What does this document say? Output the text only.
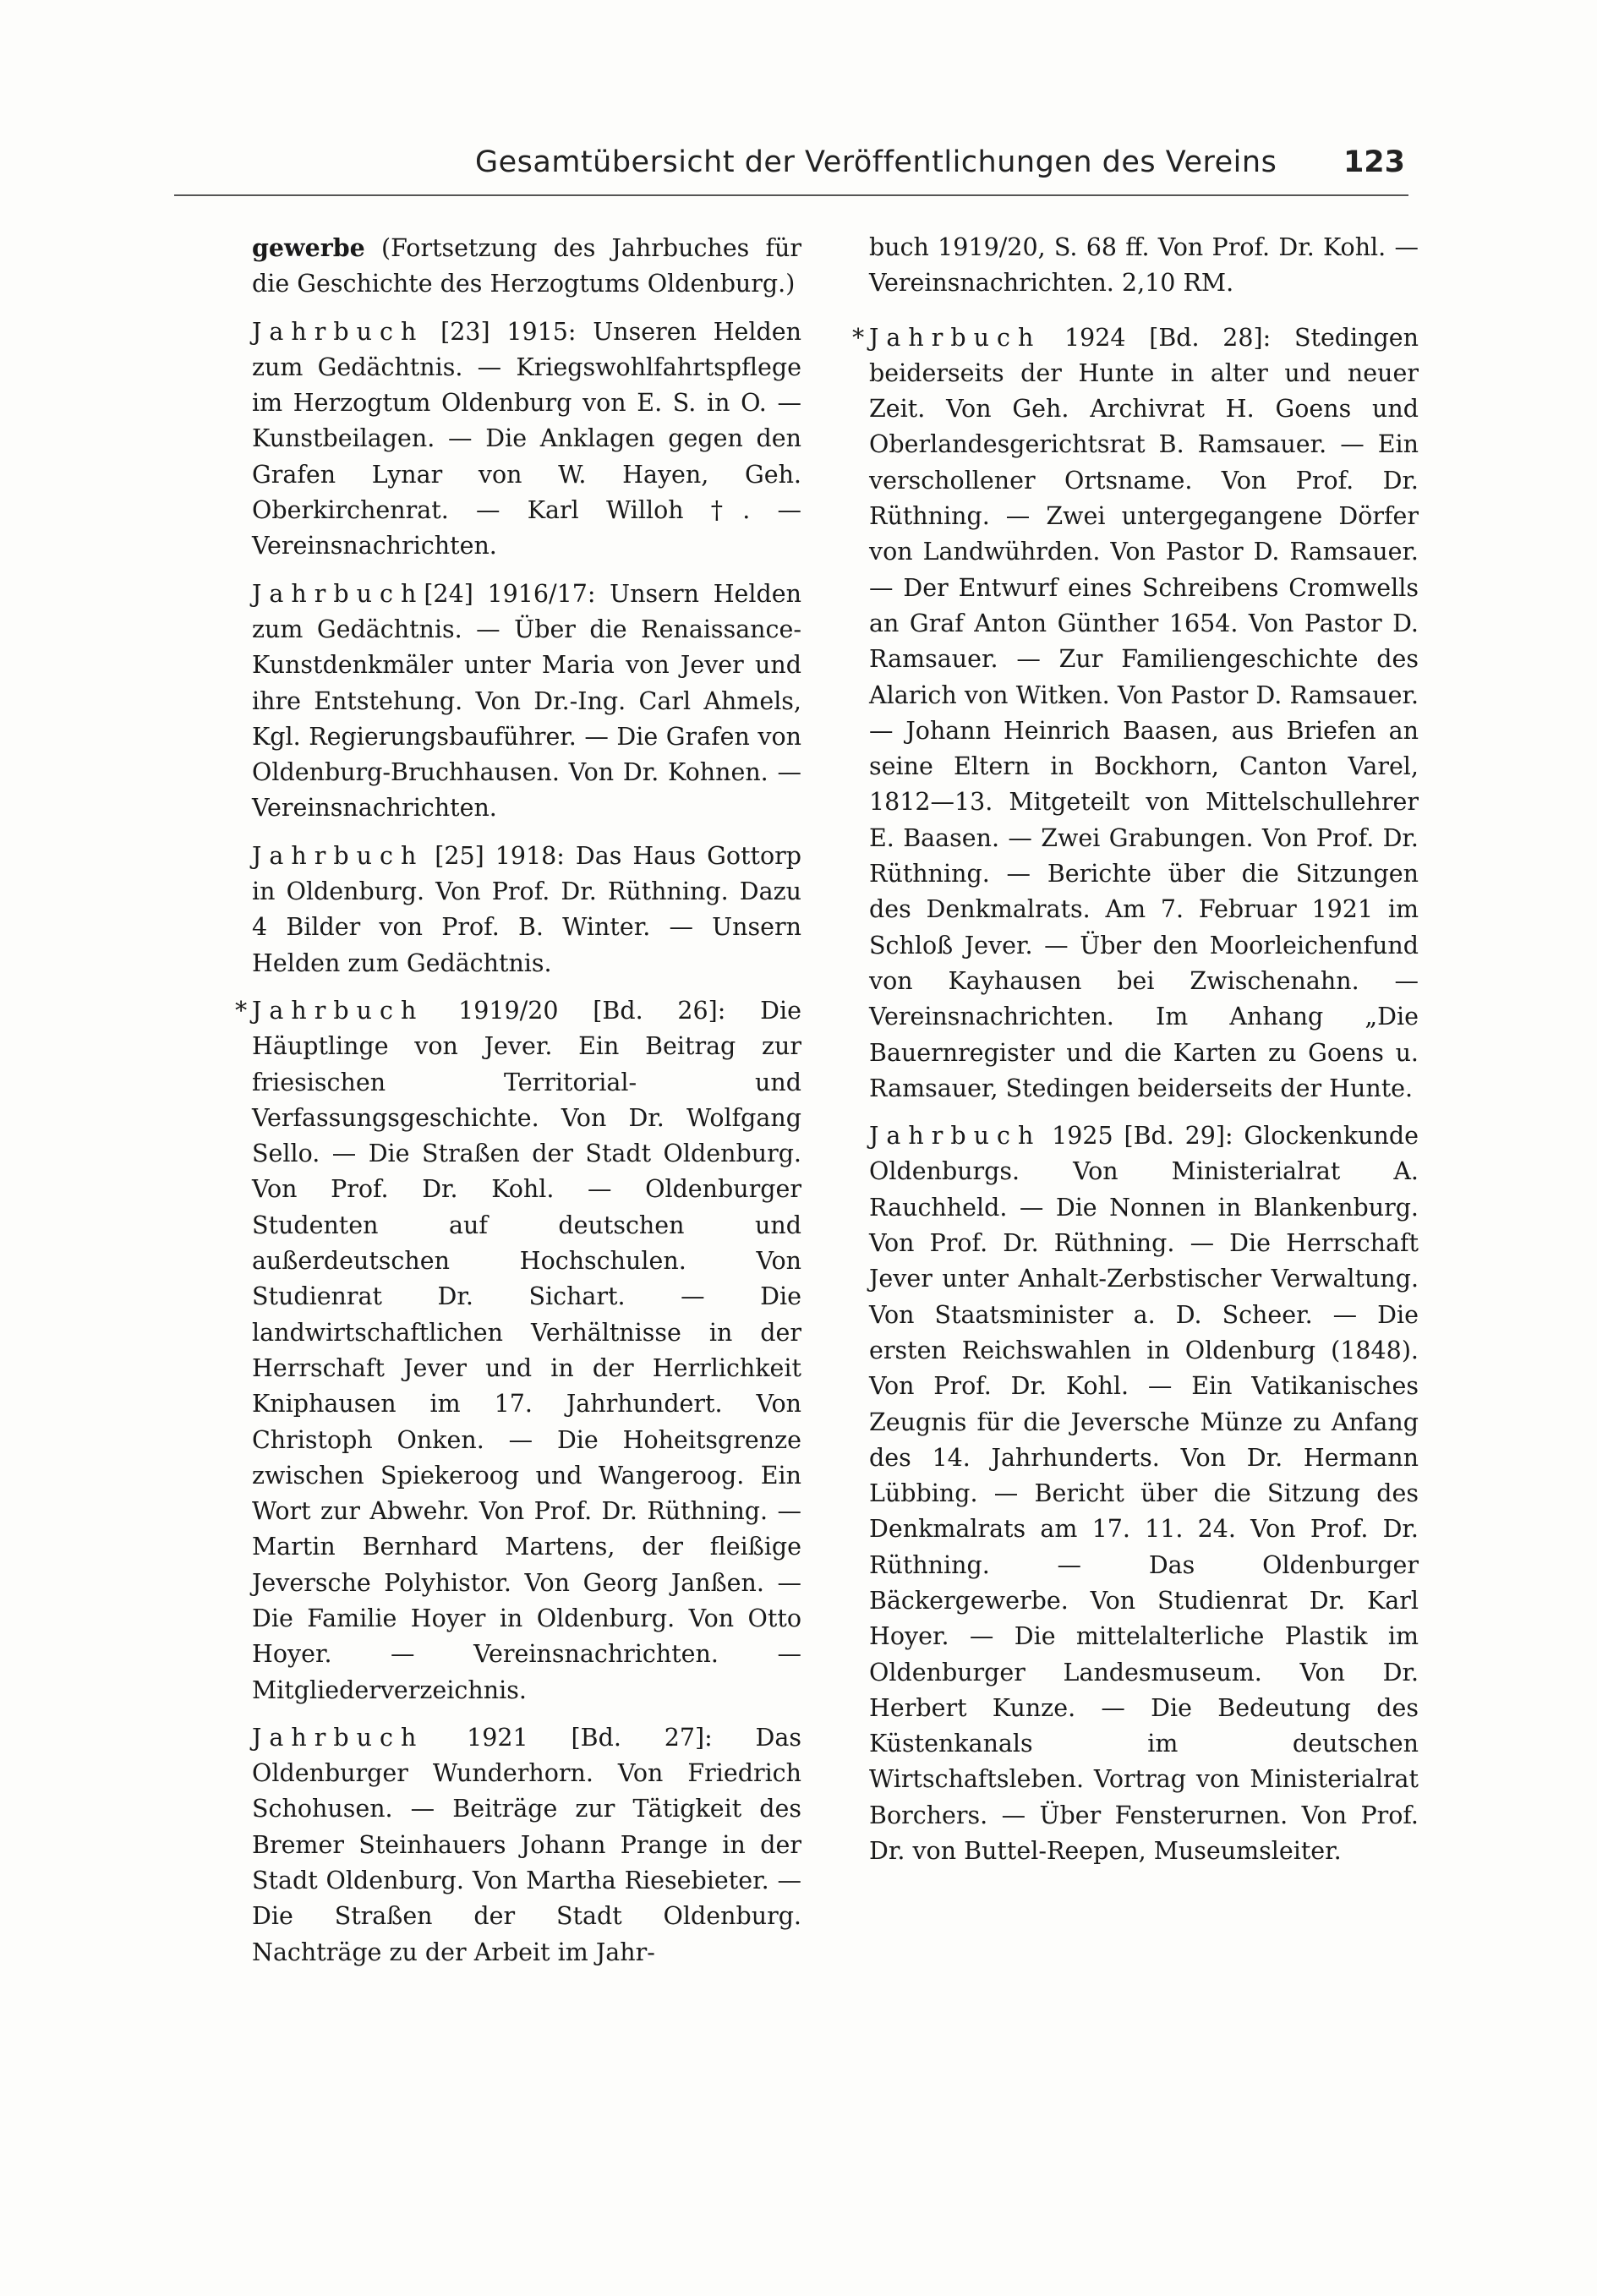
Gesamtübersicht der Veröffentlichungen des Vereins 123

gewerbe (Fortsetzung des Jahrbuches für die Geschichte des Herzogtums Oldenburg.)

Jahrbuch [23] 1915: Unseren Helden zum Gedächtnis. — Kriegswohlfahrtspflege im Herzogtum Oldenburg von E. S. in O. — Kunstbeilagen. — Die Anklagen gegen den Grafen Lynar von W. Hayen, Geh. Oberkirchenrat. — Karl Willoh †. — Vereinsnachrichten.

Jahrbuch[24] 1916/17: Unsern Helden zum Gedächtnis. — Über die Renaissance-Kunstdenkmäler unter Maria von Jever und ihre Entstehung. Von Dr.-Ing. Carl Ahmels, Kgl. Regierungsbauführer. — Die Grafen von Oldenburg-Bruchhausen. Von Dr. Kohnen. — Vereinsnachrichten.

Jahrbuch [25] 1918: Das Haus Gottorp in Oldenburg. Von Prof. Dr. Rüthning. Dazu 4 Bilder von Prof. B. Winter. — Unsern Helden zum Gedächtnis.

* Jahrbuch 1919/20 [Bd. 26]: Die Häuptlinge von Jever. Ein Beitrag zur friesischen Territorial- und Verfassungsgeschichte. Von Dr. Wolfgang Sello. — Die Straßen der Stadt Oldenburg. Von Prof. Dr. Kohl. — Oldenburger Studenten auf deutschen und außerdeutschen Hochschulen. Von Studienrat Dr. Sichart. — Die landwirtschaftlichen Verhältnisse in der Herrschaft Jever und in der Herrlichkeit Kniphausen im 17. Jahrhundert. Von Christoph Onken. — Die Hoheitsgrenze zwischen Spiekeroog und Wangeroog. Ein Wort zur Abwehr. Von Prof. Dr. Rüthning. — Martin Bernhard Martens, der fleißige Jeversche Polyhistor. Von Georg Janßen. — Die Familie Hoyer in Oldenburg. Von Otto Hoyer. — Vereinsnachrichten. — Mitgliederverzeichnis.

Jahrbuch 1921 [Bd. 27]: Das Oldenburger Wunderhorn. Von Friedrich Schohusen. — Beiträge zur Tätigkeit des Bremer Steinhauers Johann Prange in der Stadt Oldenburg. Von Martha Riesebieter. — Die Straßen der Stadt Oldenburg. Nachträge zu der Arbeit im Jahr-

buch 1919/20, S. 68 ff. Von Prof. Dr. Kohl. — Vereinsnachrichten. 2,10 RM.

* Jahrbuch 1924 [Bd. 28]: Stedingen beiderseits der Hunte in alter und neuer Zeit. Von Geh. Archivrat H. Goens und Oberlandesgerichtsrat B. Ramsauer. — Ein verschollener Ortsname. Von Prof. Dr. Rüthning. — Zwei untergegangene Dörfer von Landwührden. Von Pastor D. Ramsauer. — Der Entwurf eines Schreibens Cromwells an Graf Anton Günther 1654. Von Pastor D. Ramsauer. — Zur Familiengeschichte des Alarich von Witken. Von Pastor D. Ramsauer. — Johann Heinrich Baasen, aus Briefen an seine Eltern in Bockhorn, Canton Varel, 1812—13. Mitgeteilt von Mittelschullehrer E. Baasen. — Zwei Grabungen. Von Prof. Dr. Rüthning. — Berichte über die Sitzungen des Denkmalrats. Am 7. Februar 1921 im Schloß Jever. — Über den Moorleichenfund von Kayhausen bei Zwischenahn. — Vereinsnachrichten. Im Anhang „Die Bauernregister und die Karten zu Goens u. Ramsauer, Stedingen beiderseits der Hunte.

Jahrbuch 1925 [Bd. 29]: Glockenkunde Oldenburgs. Von Ministerialrat A. Rauchheld. — Die Nonnen in Blankenburg. Von Prof. Dr. Rüthning. — Die Herrschaft Jever unter Anhalt-Zerbstischer Verwaltung. Von Staatsminister a. D. Scheer. — Die ersten Reichswahlen in Oldenburg (1848). Von Prof. Dr. Kohl. — Ein Vatikanisches Zeugnis für die Jeversche Münze zu Anfang des 14. Jahrhunderts. Von Dr. Hermann Lübbing. — Bericht über die Sitzung des Denkmalrats am 17. 11. 24. Von Prof. Dr. Rüthning. — Das Oldenburger Bäckergewerbe. Von Studienrat Dr. Karl Hoyer. — Die mittelalterliche Plastik im Oldenburger Landesmuseum. Von Dr. Herbert Kunze. — Die Bedeutung des Küstenkanals im deutschen Wirtschaftsleben. Vortrag von Ministerialrat Borchers. — Über Fensterurnen. Von Prof. Dr. von Buttel-Reepen, Museumsleiter.
